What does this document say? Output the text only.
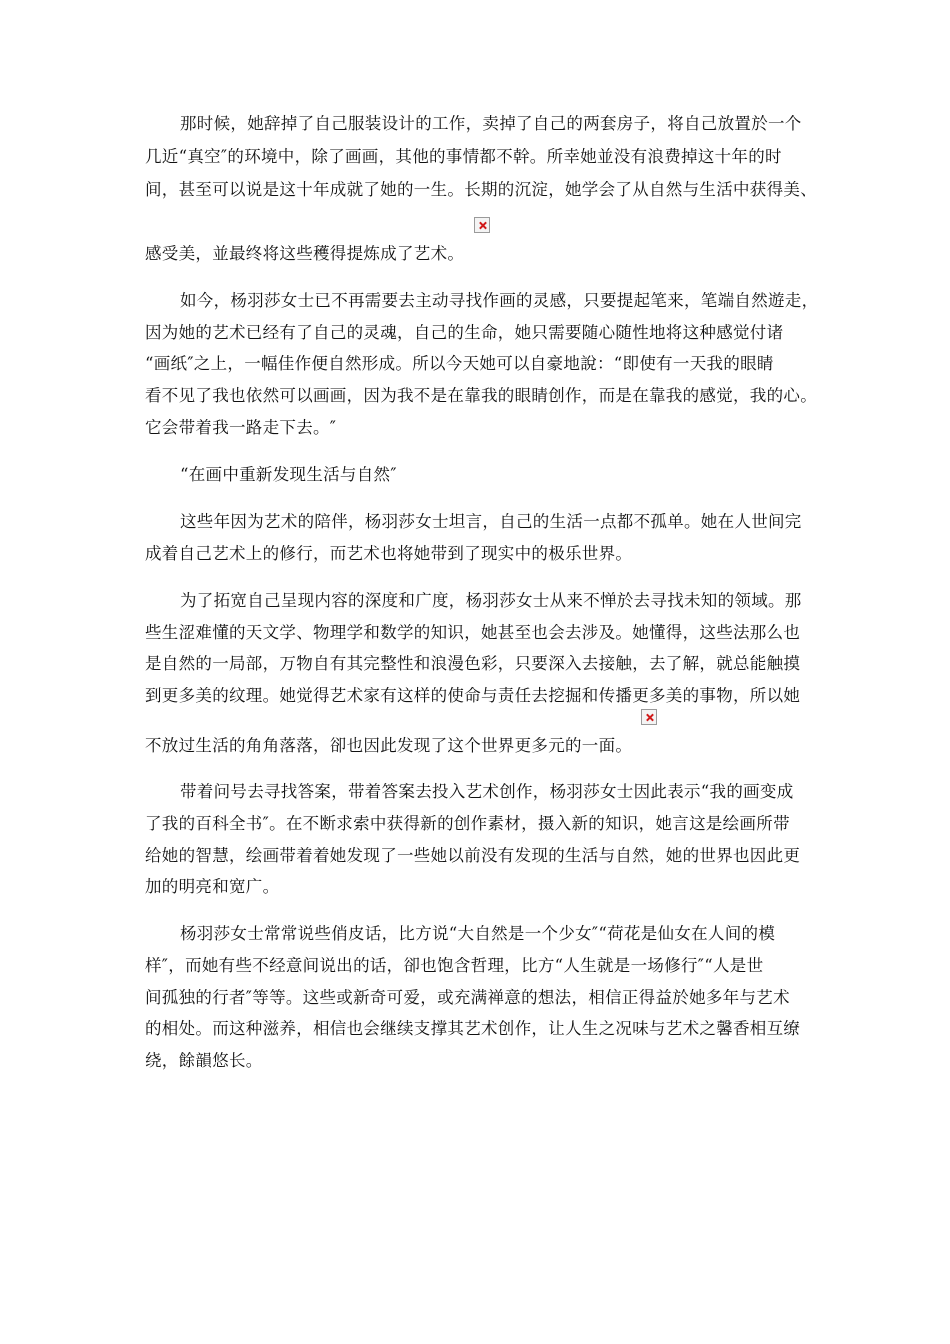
那时候，她辞掉了自己服装设计的工作，卖掉了自己的两套房子，将自己放置於一个
几近“真空″的环境中，除了画画，其他的事情都不幹。所幸她並没有浪费掉这十年的时
间，甚至可以说是这十年成就了她的一生。长期的沉淀，她学会了从自然与生活中获得美、
感受美，並最终将这些穫得提炼成了艺术。
如今，杨羽莎女士已不再需要去主动寻找作画的灵感，只要提起笔来，笔端自然遊走，
因为她的艺术已经有了自己的灵魂，自己的生命，她只需要随心随性地将这种感觉付诸
“画纸″之上，一幅佳作便自然形成。所以今天她可以自豪地說：“即使有一天我的眼睛
看不见了我也依然可以画画，因为我不是在靠我的眼睛创作，而是在靠我的感觉，我的心。
它会带着我一路走下去。″
“在画中重新发现生活与自然″
这些年因为艺术的陪伴，杨羽莎女士坦言，自己的生活一点都不孤单。她在人世间完
成着自己艺术上的修行，而艺术也将她带到了现实中的极乐世界。
为了拓宽自己呈现内容的深度和广度，杨羽莎女士从来不惮於去寻找未知的领域。那
些生涩难懂的天文学、物理学和数学的知识，她甚至也会去涉及。她懂得，这些法那么也
是自然的一局部，万物自有其完整性和浪漫色彩，只要深入去接触，去了解，就总能触摸
到更多美的纹理。她觉得艺术家有这样的使命与责任去挖掘和传播更多美的事物，所以她
不放过生活的角角落落，卻也因此发现了这个世界更多元的一面。
带着问号去寻找答案，带着答案去投入艺术创作，杨羽莎女士因此表示“我的画变成
了我的百科全书″。在不断求索中获得新的创作素材，摄入新的知识，她言这是绘画所带
给她的智慧，绘画带着着她发现了一些她以前没有发现的生活与自然，她的世界也因此更
加的明亮和宽广。
杨羽莎女士常常说些俏皮话，比方说“大自然是一个少女″“荷花是仙女在人间的模
样″，而她有些不经意间说出的话，卻也饱含哲理，比方“人生就是一场修行″“人是世
间孤独的行者″等等。这些或新奇可爱，或充满禅意的想法，相信正得益於她多年与艺术
的相处。而这种滋养，相信也会继续支撑其艺术创作，让人生之况味与艺术之馨香相互缭
绕，餘韻悠长。
